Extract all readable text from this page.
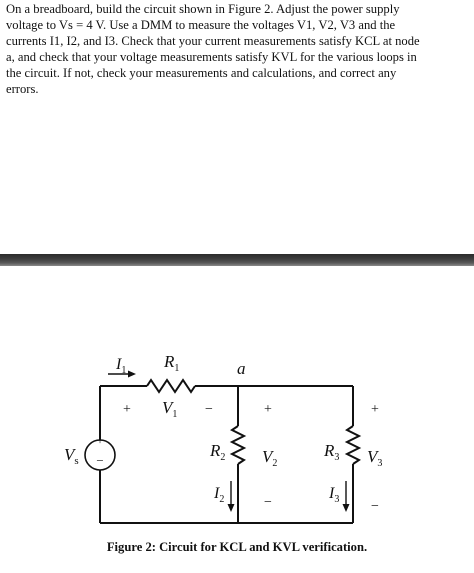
On a breadboard, build the circuit shown in Figure 2. Adjust the power supply
voltage to Vs = 4 V. Use a DMM to measure the voltages V1, V2, V3 and the
currents I1, I2, and I3. Check that your current measurements satisfy KCL at node
a, and check that your voltage measurements satisfy KVL for the various loops in
the circuit. If not, check your measurements and calculations, and correct any
errors.
+
−
$V_s$
$I_1$ $R_1$	a
+ $V_1$ −	+
$R_2$ $V_2$
$I_2$	−
+
$R_3$ $V_3$
$I_3$ −
Figure 2: Circuit for KCL and KVL verification.
